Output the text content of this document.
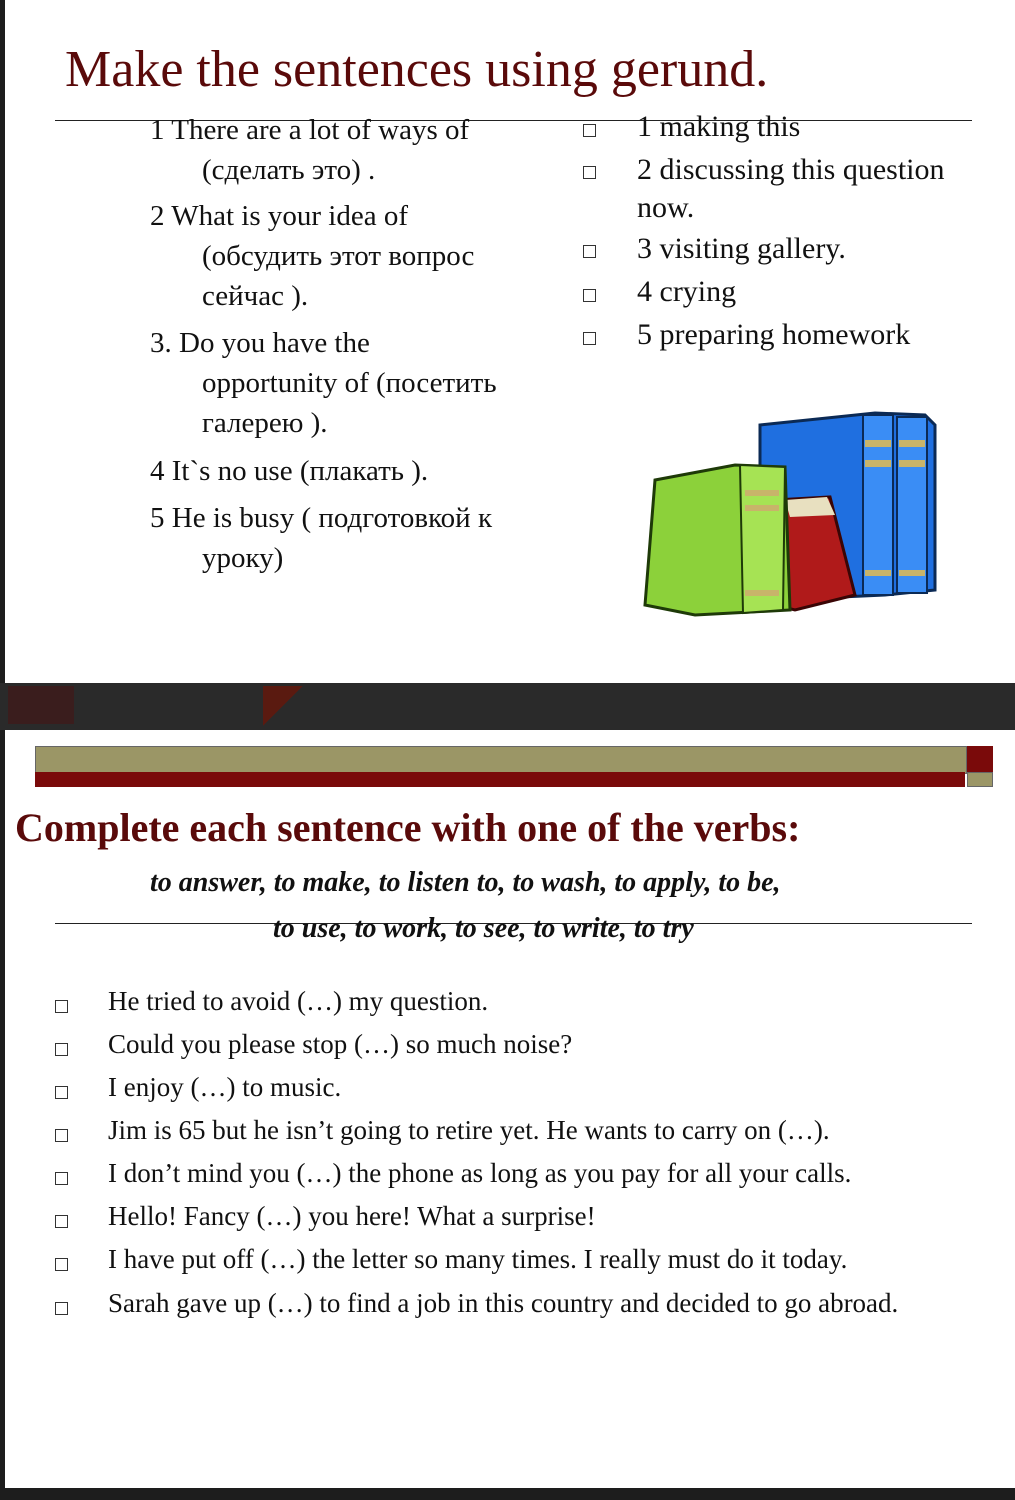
Make the sentences using gerund.
1 There are a lot of ways of
(сделать это) .
2 What is your idea of
(обсудить этот вопрос
сейчас ).
3. Do you have the
opportunity of (посетить
галерею ).
4 It`s no use (плакать ).
5 He is busy ( подготовкой к
уроку)
1 making this
2 discussing this question
now.
3 visiting gallery.
4 crying
5 preparing homework
Complete each sentence with one of the verbs:
to answer, to make, to listen to, to wash, to apply, to be,
to use, to work, to see, to write, to try
He tried to avoid (…) my question.
Could you please stop (…) so much noise?
I enjoy (…) to music.
Jim is 65 but he isn’t going to retire yet. He wants to carry on (…).
I don’t mind you (…) the phone as long as you pay for all your calls.
Hello! Fancy (…) you here! What a surprise!
I have put off (…) the letter so many times. I really must do it today.
Sarah gave up (…) to find a job in this country and decided to go abroad.
